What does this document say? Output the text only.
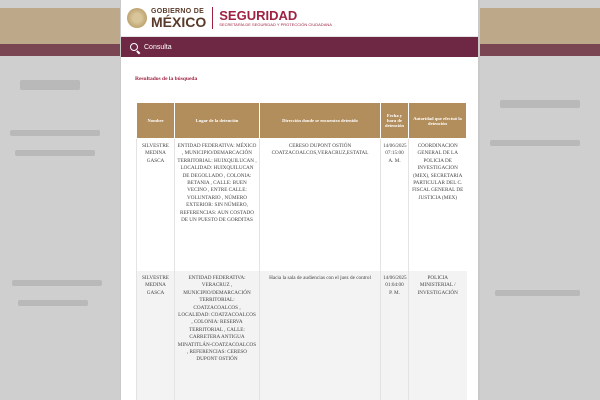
GOBIERNO DE
MÉXICO SEGURIDAD
SECRETARÍA DE SEGURIDAD Y PROTECCIÓN CIUDADANA
Consulta
Resultados de la búsqueda
Nombre	Lugar de la detención	Dirección donde se encuentra detenido	Fecha y hora de detención	Autoridad que efectuó la detención
SILVESTRE MEDINA GASCA	ENTIDAD FEDERATIVA: MÉXICO , MUNICIPIO/DEMARCACIÓN TERRITORIAL: HUIXQUILUCAN , LOCALIDAD: HUIXQUILUCAN DE DEGOLLADO , COLONIA: BETANIA , CALLE: BUEN VECINO , ENTRE CALLE: VOLUNTARIO , NÚMERO EXTERIOR: SIN NÚMERO, REFERENCIAS: AUN COSTADO DE UN PUESTO DE GORDITAS	CERESO DUPONT OSTIÓN COATZACOALCOS,VERACRUZ,ESTATAL	14/06/2025 07:15:00 A. M.	COORDINACION GENERAL DE LA POLICIA DE INVESTIGACION (MEX), SECRETARIA PARTICULAR DEL C. FISCAL GENERAL DE JUSTICIA (MEX)
SILVESTRE MEDINA GASCA	ENTIDAD FEDERATIVA: VERACRUZ , MUNICIPIO/DEMARCACIÓN TERRITORIAL: COATZACOALCOS , LOCALIDAD: COATZACOALCOS , COLONIA: RESERVA TERRITORIAL , CALLE: CARRETERA ANTIGUA MINATITLÁN-COATZACOALCOS , REFERENCIAS: CERESO DUPONT OSTIÓN	Hacia la sala de audiencias con el juez de control	14/06/2025 01:04:00 P. M.	POLICIA MINISTERIAL / INVESTIGACIÓN
